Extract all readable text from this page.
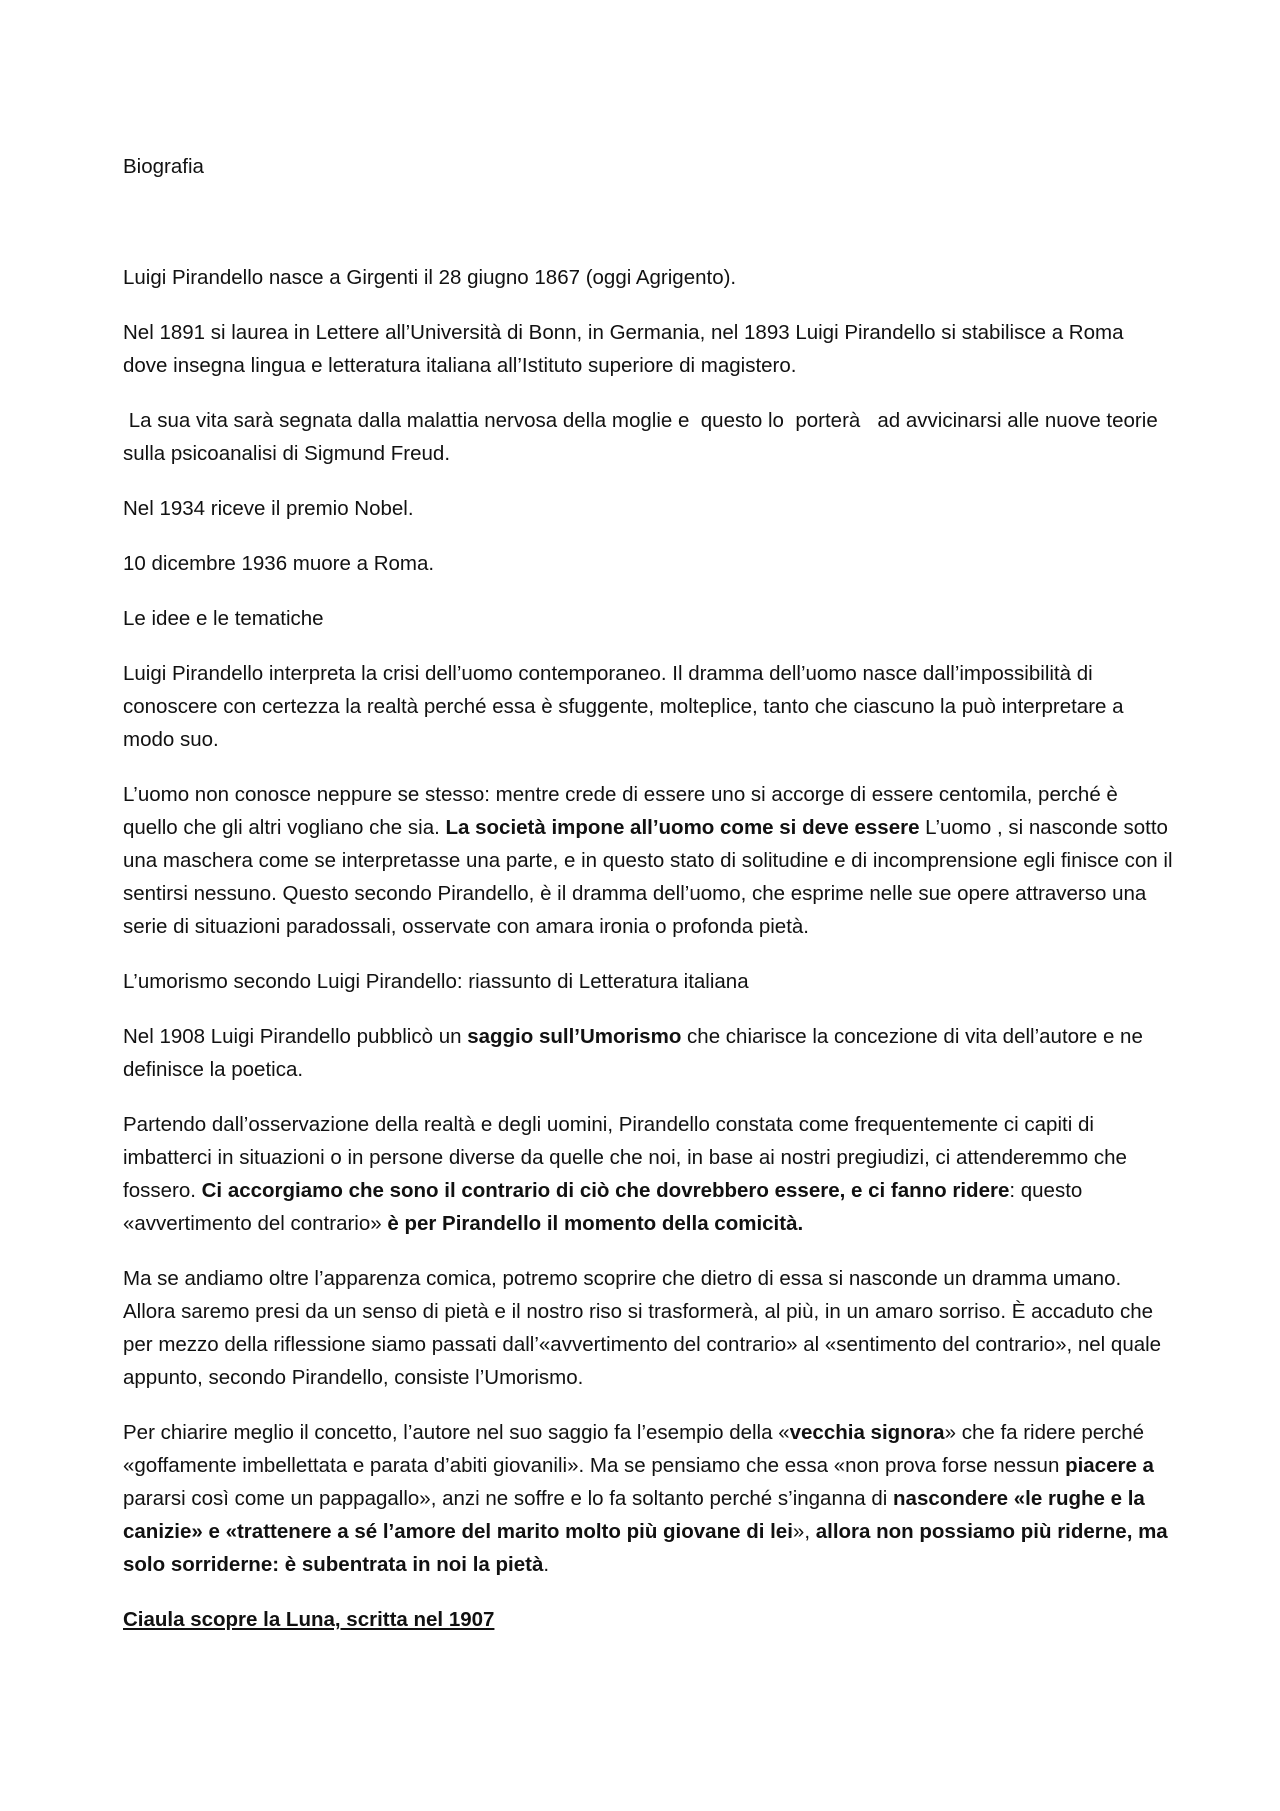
Biografia

Luigi Pirandello nasce a Girgenti il 28 giugno 1867 (oggi Agrigento).

Nel 1891 si laurea in Lettere all’Università di Bonn, in Germania, nel 1893 Luigi Pirandello si stabilisce a Roma dove insegna lingua e letteratura italiana all’Istituto superiore di magistero.

La sua vita sarà segnata dalla malattia nervosa della moglie e  questo lo  porterà   ad avvicinarsi alle nuove teorie sulla psicoanalisi di Sigmund Freud.

Nel 1934 riceve il premio Nobel.

10 dicembre 1936 muore a Roma.

Le idee e le tematiche

Luigi Pirandello interpreta la crisi dell’uomo contemporaneo. Il dramma dell’uomo nasce dall’impossibilità di conoscere con certezza la realtà perché essa è sfuggente, molteplice, tanto che ciascuno la può interpretare a modo suo.

L’uomo non conosce neppure se stesso: mentre crede di essere uno si accorge di essere centomila, perché è quello che gli altri vogliano che sia. La società impone all’uomo come si deve essere L’uomo , si nasconde sotto una maschera come se interpretasse una parte, e in questo stato di solitudine e di incomprensione egli finisce con il sentirsi nessuno. Questo secondo Pirandello, è il dramma dell’uomo, che esprime nelle sue opere attraverso una serie di situazioni paradossali, osservate con amara ironia o profonda pietà.

L’umorismo secondo Luigi Pirandello: riassunto di Letteratura italiana

Nel 1908 Luigi Pirandello pubblicò un saggio sull’Umorismo che chiarisce la concezione di vita dell’autore e ne definisce la poetica.

Partendo dall’osservazione della realtà e degli uomini, Pirandello constata come frequentemente ci capiti di imbatterci in situazioni o in persone diverse da quelle che noi, in base ai nostri pregiudizi, ci attenderemmo che fossero. Ci accorgiamo che sono il contrario di ciò che dovrebbero essere, e ci fanno ridere: questo «avvertimento del contrario» è per Pirandello il momento della comicità.

Ma se andiamo oltre l’apparenza comica, potremo scoprire che dietro di essa si nasconde un dramma umano. Allora saremo presi da un senso di pietà e il nostro riso si trasformerà, al più, in un amaro sorriso. È accaduto che per mezzo della riflessione siamo passati dall’«avvertimento del contrario» al «sentimento del contrario», nel quale appunto, secondo Pirandello, consiste l’Umorismo.

Per chiarire meglio il concetto, l’autore nel suo saggio fa l’esempio della «vecchia signora» che fa ridere perché «goffamente imbellettata e parata d’abiti giovanili». Ma se pensiamo che essa «non prova forse nessun piacere a pararsi così come un pappagallo», anzi ne soffre e lo fa soltanto perché s’inganna di nascondere «le rughe e la canizie» e «trattenere a sé l’amore del marito molto più giovane di lei», allora non possiamo più riderne, ma solo sorriderne: è subentrata in noi la pietà.

Ciaula scopre la Luna, scritta nel 1907
